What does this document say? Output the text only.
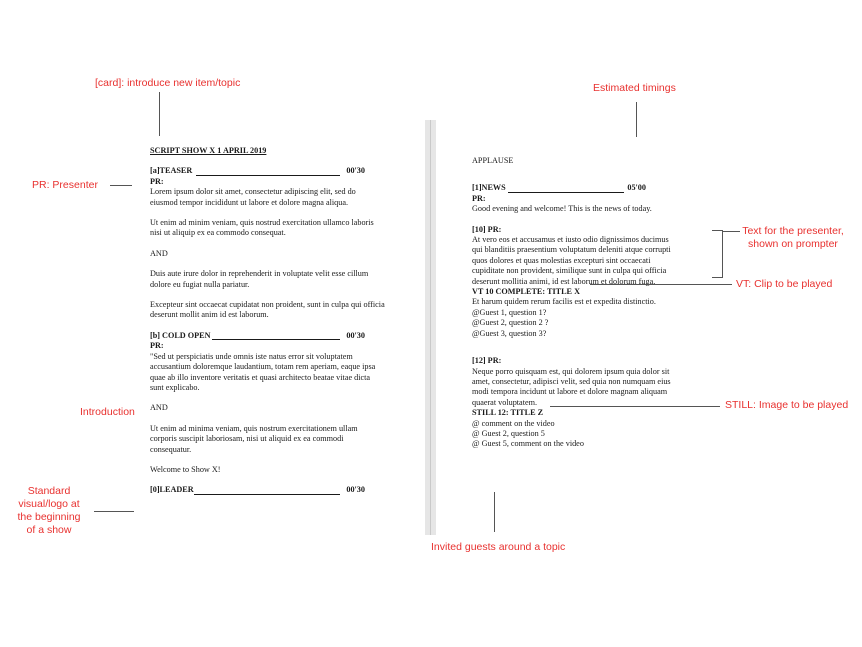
SCRIPT SHOW X 1 APRIL 2019

[a]TEASER	00'30

PR:

Lorem ipsum dolor sit amet, consectetur adipiscing elit, sed do eiusmod tempor incididunt ut labore et dolore magna aliqua.

Ut enim ad minim veniam, quis nostrud exercitation ullamco laboris nisi ut aliquip ex ea commodo consequat.

AND

Duis aute irure dolor in reprehenderit in voluptate velit esse cillum dolore eu fugiat nulla pariatur.

Excepteur sint occaecat cupidatat non proident, sunt in culpa qui officia deserunt mollit anim id est laborum.

[b] COLD OPEN	00'30

PR:

"Sed ut perspiciatis unde omnis iste natus error sit voluptatem accusantium doloremque laudantium, totam rem aperiam, eaque ipsa quae ab illo inventore veritatis et quasi architecto beatae vitae dicta sunt explicabo.

AND

Ut enim ad minima veniam, quis nostrum exercitationem ullam corporis suscipit laboriosam, nisi ut aliquid ex ea commodi consequatur.

Welcome to Show X!

[0]LEADER	00'30

APPLAUSE

[1]NEWS	05'00

PR:

Good evening and welcome! This is the news of today.

[10] PR:

At vero eos et accusamus et iusto odio dignissimos ducimus

qui blanditiis praesentium voluptatum deleniti atque corrupti

quos dolores et quas molestias excepturi sint occaecati

cupiditate non provident, similique sunt in culpa qui officia

deserunt mollitia animi, id est laborum et dolorum fuga.

VT 10 COMPLETE: TITLE X

Et harum quidem rerum facilis est et expedita distinctio.

@Guest 1, question 1?

@Guest 2, question 2 ?

@Guest 3, question 3?

[12] PR:

Neque porro quisquam est, qui dolorem ipsum quia dolor sit

amet, consectetur, adipisci velit, sed quia non numquam eius

modi tempora incidunt ut labore et dolore magnam aliquam

quaerat voluptatem.

STILL 12: TITLE Z

@ comment on the video

@ Guest 2, question 5

@ Guest 5, comment on the video

[card]: introduce new item/topic	Estimated timings
PR: Presenter
Text for the presenter,
shown on prompter
VT: Clip to be played
STILL: Image to be played
Introduction
Standard
visual/logo at
the beginning
of a show
Invited guests around a topic
